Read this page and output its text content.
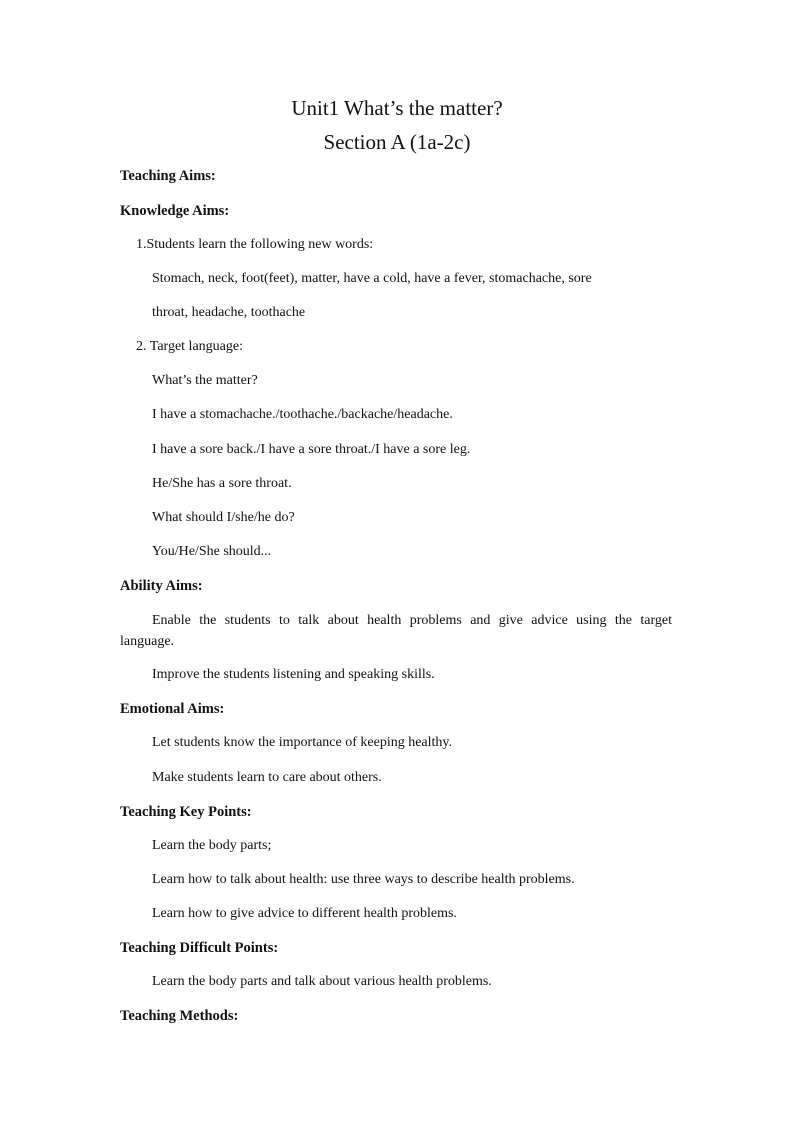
Unit1 What’s the matter?
Section A (1a-2c)
Teaching Aims:
Knowledge Aims:
1.Students learn the following new words:
Stomach, neck, foot(feet), matter, have a cold, have a fever, stomachache, sore
throat, headache, toothache
2. Target language:
What’s the matter?
I have a stomachache./toothache./backache/headache.
I have a sore back./I have a sore throat./I have a sore leg.
He/She has a sore throat.
What should I/she/he do?
You/He/She should...
Ability Aims:
Enable the students to talk about health problems and give advice using the target language.
Improve the students listening and speaking skills.
Emotional Aims:
Let students know the importance of keeping healthy.
Make students learn to care about others.
Teaching Key Points:
Learn the body parts;
Learn how to talk about health: use three ways to describe health problems.
Learn how to give advice to different health problems.
Teaching Difficult Points:
Learn the body parts and talk about various health problems.
Teaching Methods:
